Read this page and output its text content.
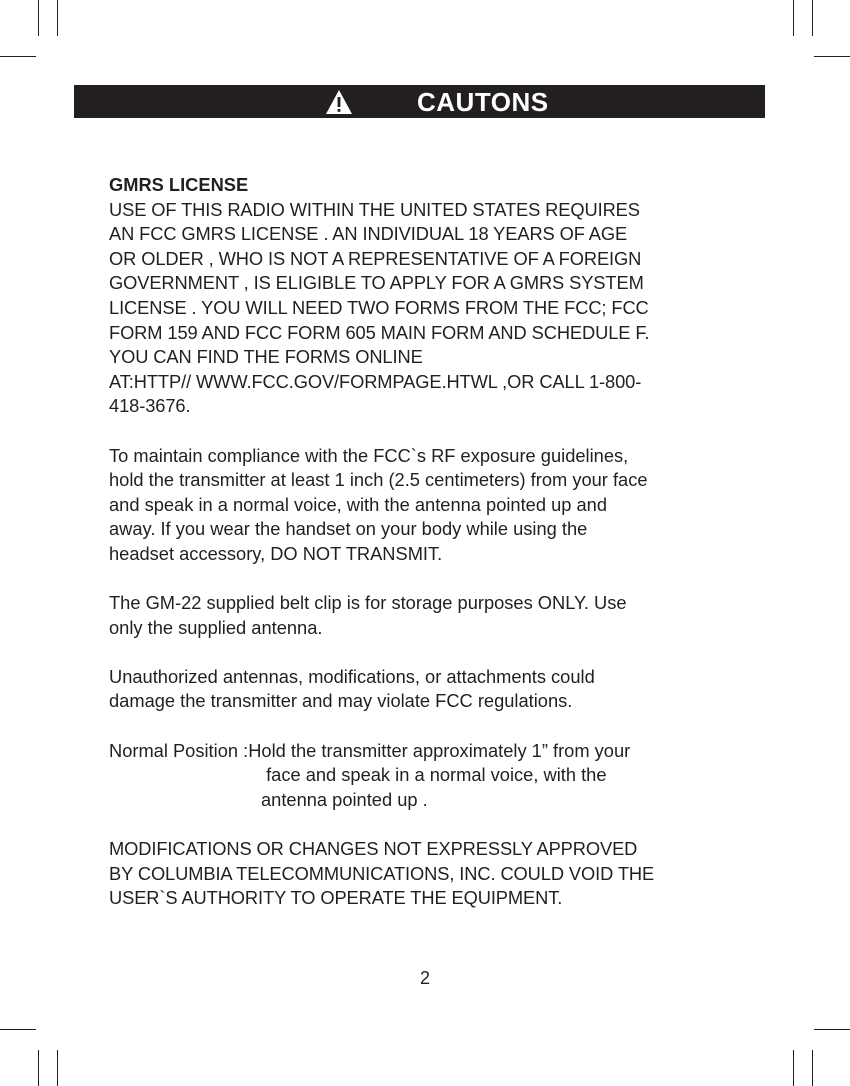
CAUTONS

GMRS LICENSE

USE OF THIS RADIO WITHIN THE UNITED STATES REQUIRES

AN FCC GMRS LICENSE . AN INDIVIDUAL 18 YEARS OF AGE

OR OLDER , WHO IS NOT A REPRESENTATIVE OF A FOREIGN

GOVERNMENT , IS ELIGIBLE TO APPLY FOR A GMRS SYSTEM

LICENSE . YOU WILL NEED TWO FORMS FROM THE FCC; FCC

FORM 159 AND FCC FORM 605 MAIN FORM AND SCHEDULE F.

YOU CAN FIND THE FORMS ONLINE

AT:HTTP// WWW.FCC.GOV/FORMPAGE.HTWL ,OR CALL 1-800-

418-3676.

To maintain compliance with the FCC`s RF exposure guidelines,

hold the transmitter at least 1 inch (2.5 centimeters) from your face

and speak in a normal voice, with the antenna pointed up and

away. If you wear the handset on your body while using the

headset accessory, DO NOT TRANSMIT.

The GM-22 supplied belt clip is for storage purposes ONLY. Use

only the supplied antenna.

Unauthorized antennas, modifications, or attachments could

damage the transmitter and may violate FCC regulations.

Normal Position : Hold the transmitter approximately 1” from your

face and speak in a normal voice, with the

antenna pointed up .

MODIFICATIONS OR CHANGES NOT EXPRESSLY APPROVED

BY COLUMBIA TELECOMMUNICATIONS, INC. COULD VOID THE

USER`S AUTHORITY TO OPERATE THE EQUIPMENT.

2
